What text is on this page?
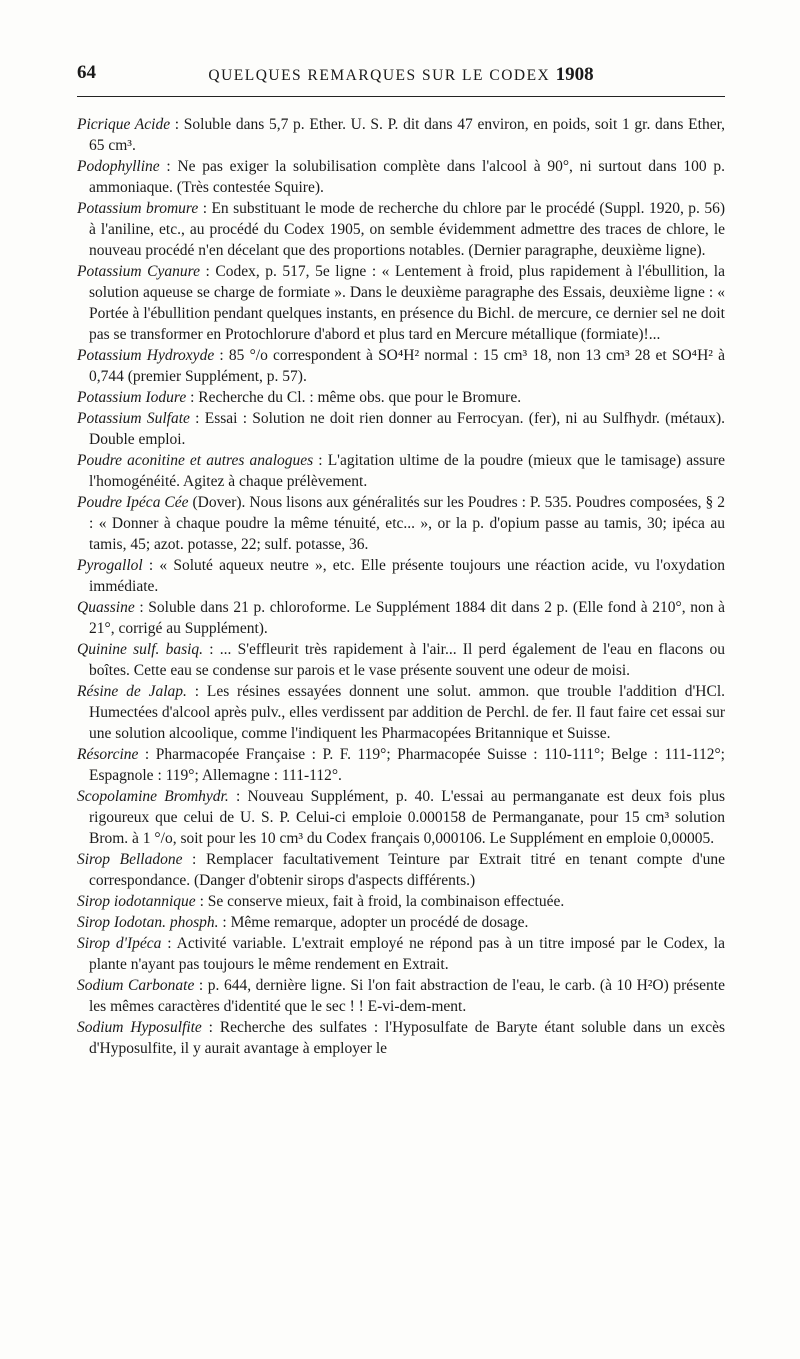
64	QUELQUES REMARQUES SUR LE CODEX 1908

Picrique Acide : Soluble dans 5,7 p. Ether. U. S. P. dit dans 47 environ, en poids, soit 1 gr. dans Ether, 65 cm³.

Podophylline : Ne pas exiger la solubilisation complète dans l'alcool à 90°, ni surtout dans 100 p. ammoniaque. (Très contestée Squire).

Potassium bromure : En substituant le mode de recherche du chlore par le procédé (Suppl. 1920, p. 56) à l'aniline, etc., au procédé du Codex 1905, on semble évidemment admettre des traces de chlore, le nouveau procédé n'en décelant que des proportions notables. (Dernier paragraphe, deuxième ligne).

Potassium Cyanure : Codex, p. 517, 5e ligne : « Lentement à froid, plus rapidement à l'ébullition, la solution aqueuse se charge de formiate ». Dans le deuxième paragraphe des Essais, deuxième ligne : « Portée à l'ébullition pendant quelques instants, en présence du Bichl. de mercure, ce dernier sel ne doit pas se transformer en Protochlorure d'abord et plus tard en Mercure métallique (formiate)!...

Potassium Hydroxyde : 85 °/o correspondent à SO⁴H² normal : 15 cm³ 18, non 13 cm³ 28 et SO⁴H² à 0,744 (premier Supplément, p. 57).

Potassium Iodure : Recherche du Cl. : même obs. que pour le Bromure.

Potassium Sulfate : Essai : Solution ne doit rien donner au Ferrocyan. (fer), ni au Sulfhydr. (métaux). Double emploi.

Poudre aconitine et autres analogues : L'agitation ultime de la poudre (mieux que le tamisage) assure l'homogénéité. Agitez à chaque prélèvement.

Poudre Ipéca Cée (Dover). Nous lisons aux généralités sur les Poudres : P. 535. Poudres composées, § 2 : « Donner à chaque poudre la même ténuité, etc... », or la p. d'opium passe au tamis, 30; ipéca au tamis, 45; azot. potasse, 22; sulf. potasse, 36.

Pyrogallol : « Soluté aqueux neutre », etc. Elle présente toujours une réaction acide, vu l'oxydation immédiate.

Quassine : Soluble dans 21 p. chloroforme. Le Supplément 1884 dit dans 2 p. (Elle fond à 210°, non à 21°, corrigé au Supplément).

Quinine sulf. basiq. : ... S'effleurit très rapidement à l'air... Il perd également de l'eau en flacons ou boîtes. Cette eau se condense sur parois et le vase présente souvent une odeur de moisi.

Résine de Jalap. : Les résines essayées donnent une solut. ammon. que trouble l'addition d'HCl. Humectées d'alcool après pulv., elles verdissent par addition de Perchl. de fer. Il faut faire cet essai sur une solution alcoolique, comme l'indiquent les Pharmacopées Britannique et Suisse.

Résorcine : Pharmacopée Française : P. F. 119°; Pharmacopée Suisse : 110-111°; Belge : 111-112°; Espagnole : 119°; Allemagne : 111-112°.

Scopolamine Bromhydr. : Nouveau Supplément, p. 40. L'essai au permanganate est deux fois plus rigoureux que celui de U. S. P. Celui-ci emploie 0.000158 de Permanganate, pour 15 cm³ solution Brom. à 1 °/o, soit pour les 10 cm³ du Codex français 0,000106. Le Supplément en emploie 0,00005.

Sirop Belladone : Remplacer facultativement Teinture par Extrait titré en tenant compte d'une correspondance. (Danger d'obtenir sirops d'aspects différents.)

Sirop iodotannique : Se conserve mieux, fait à froid, la combinaison effectuée.

Sirop Iodotan. phosph. : Même remarque, adopter un procédé de dosage.

Sirop d'Ipéca : Activité variable. L'extrait employé ne répond pas à un titre imposé par le Codex, la plante n'ayant pas toujours le même rendement en Extrait.

Sodium Carbonate : p. 644, dernière ligne. Si l'on fait abstraction de l'eau, le carb. (à 10 H²O) présente les mêmes caractères d'identité que le sec ! ! E-vi-dem-ment.

Sodium Hyposulfite : Recherche des sulfates : l'Hyposulfate de Baryte étant soluble dans un excès d'Hyposulfite, il y aurait avantage à employer le
